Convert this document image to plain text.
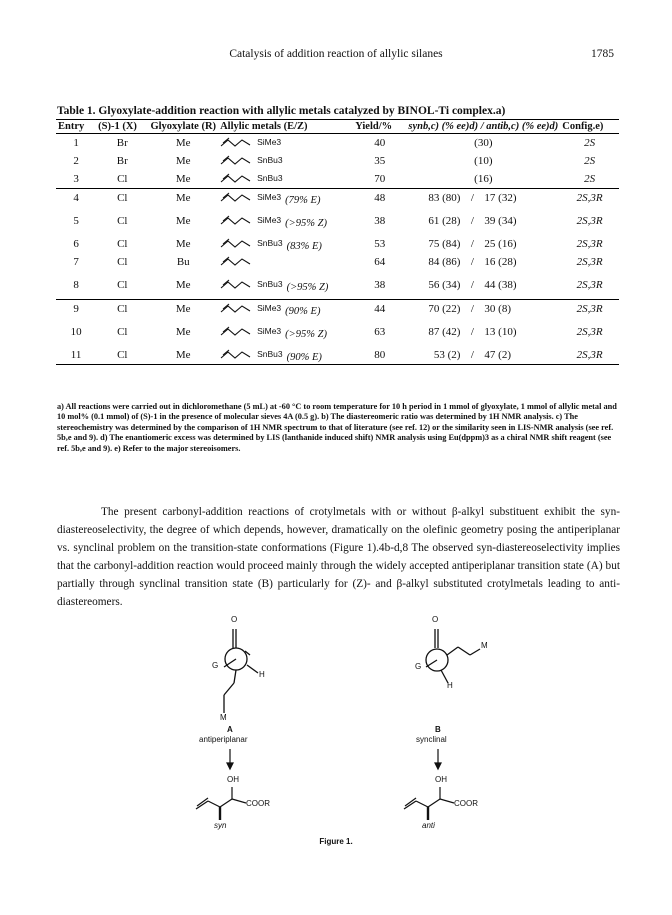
Catalysis of addition reaction of allylic silanes	1785
Table 1. Glyoxylate-addition reaction with allylic metals catalyzed by BINOL-Ti complex.a)
Entry	(S)-1 (X)	Glyoxylate (R)	Allylic metals (E/Z)	Yield/%	synb,c) (% ee)d) / antib,c) (% ee)d)	Config.e)
1	Br	Me	SiMe3	40	(30)	2S
2	Br	Me	SnBu3	35	(10)	2S
3	Cl	Me	SnBu3	70	(16)	2S
4	Cl	Me	SiMe3 (79% E)	48	83 (80) / 17 (32)	2S,3R
5	Cl	Me	SiMe3 (>95% Z)	38	61 (28) / 39 (34)	2S,3R
6	Cl	Me	SnBu3 (83% E)	53	75 (84) / 25 (16)	2S,3R
7	Cl	Bu		64	84 (86) / 16 (28)	2S,3R
8	Cl	Me	SnBu3 (>95% Z)	38	56 (34) / 44 (38)	2S,3R
9	Cl	Me	SiMe3 (90% E)	44	70 (22) / 30 (8)	2S,3R
10	Cl	Me	SiMe3 (>95% Z)	63	87 (42) / 13 (10)	2S,3R
11	Cl	Me	SnBu3 (90% E)	80	53 (2) / 47 (2)	2S,3R
a) All reactions were carried out in dichloromethane (5 mL) at -60 °C to room temperature for 10 h period in 1 mmol of glyoxylate, 1 mmol of allylic metal and 10 mol% (0.1 mmol) of (S)-1 in the presence of molecular sieves 4A (0.5 g). b) The diastereomeric ratio was determined by 1H NMR analysis. c) The stereochemistry was determined by the comparison of 1H NMR spectrum to that of literature (see ref. 12) or the similarity seen in LIS-NMR analysis (see ref. 5b,e and 9). d) The enantiomeric excess was determined by LIS (lanthanide induced shift) NMR analysis using Eu(dppm)3 as a chiral NMR shift reagent (see ref. 5b,e and 9). e) Refer to the major stereoisomers.
The present carbonyl-addition reactions of crotylmetals with or without β-alkyl substituent exhibit the syn-diastereoselectivity, the degree of which depends, however, dramatically on the olefinic geometry posing the antiperiplanar vs. synclinal problem on the transition-state conformations (Figure 1).4b-d,8 The observed syn-diastereoselectivity implies that the carbonyl-addition reaction would proceed mainly through the widely accepted antiperiplanar transition state (A) but partially through synclinal transition state (B) particularly for (Z)- and β-alkyl substituted crotylmetals leading to anti-diastereomers.
O
G
H
M
A
antiperiplanar
OH
COOR
syn
O
G
H
M
B
synclinal
OH
COOR
anti
Figure 1.
